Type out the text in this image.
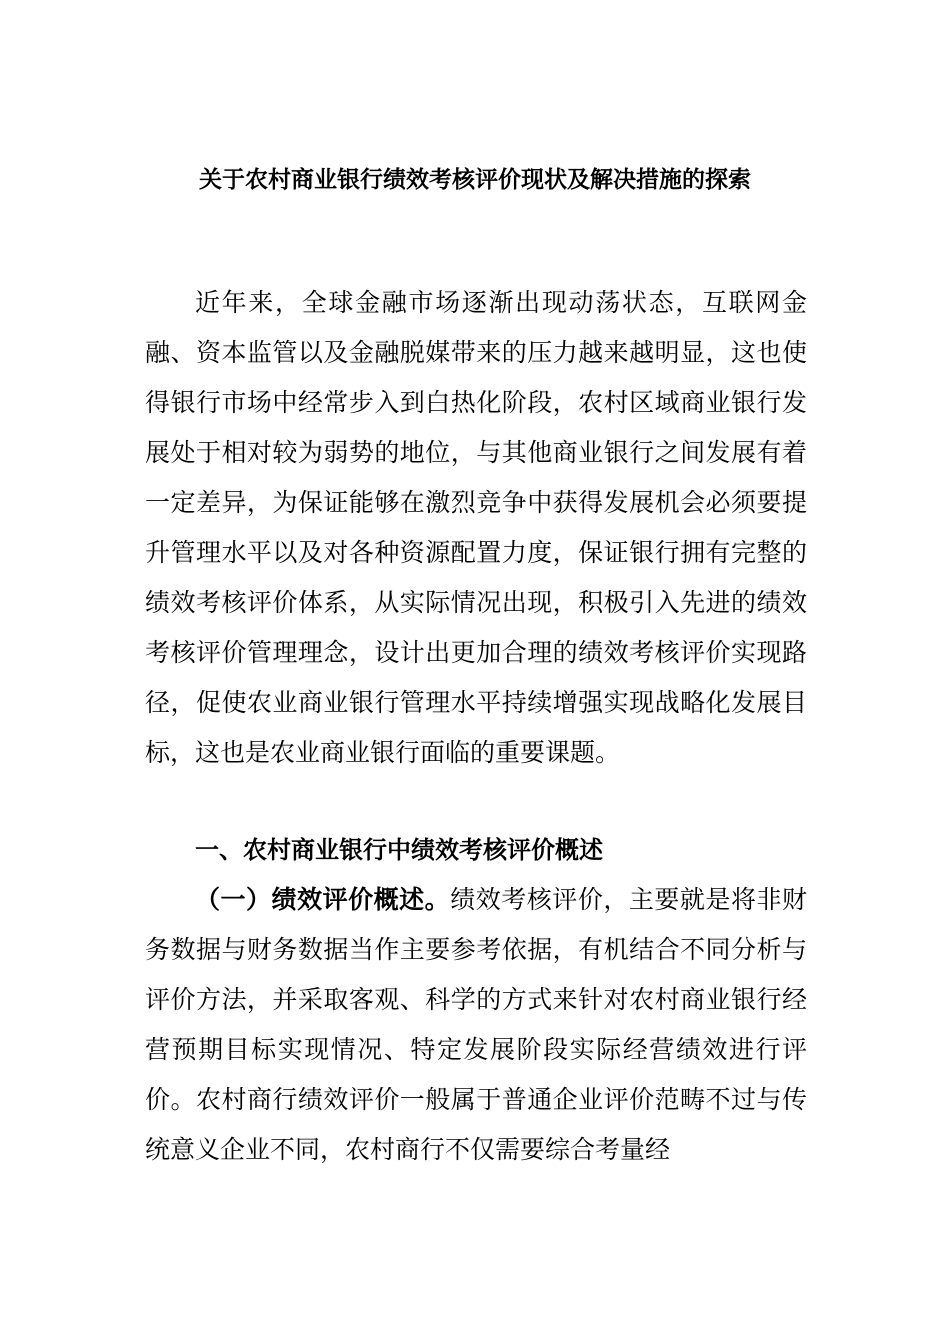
关于农村商业银行绩效考核评价现状及解决措施的探索
近年来，全球金融市场逐渐出现动荡状态，互联网金融、资本监管以及金融脱媒带来的压力越来越明显，这也使得银行市场中经常步入到白热化阶段，农村区域商业银行发展处于相对较为弱势的地位，与其他商业银行之间发展有着一定差异，为保证能够在激烈竞争中获得发展机会必须要提升管理水平以及对各种资源配置力度，保证银行拥有完整的绩效考核评价体系，从实际情况出现，积极引入先进的绩效考核评价管理理念，设计出更加合理的绩效考核评价实现路径，促使农业商业银行管理水平持续增强实现战略化发展目标，这也是农业商业银行面临的重要课题。
一、农村商业银行中绩效考核评价概述
（一）绩效评价概述。绩效考核评价，主要就是将非财务数据与财务数据当作主要参考依据，有机结合不同分析与评价方法，并采取客观、科学的方式来针对农村商业银行经营预期目标实现情况、特定发展阶段实际经营绩效进行评价。农村商行绩效评价一般属于普通企业评价范畴不过与传统意义企业不同，农村商行不仅需要综合考量经
